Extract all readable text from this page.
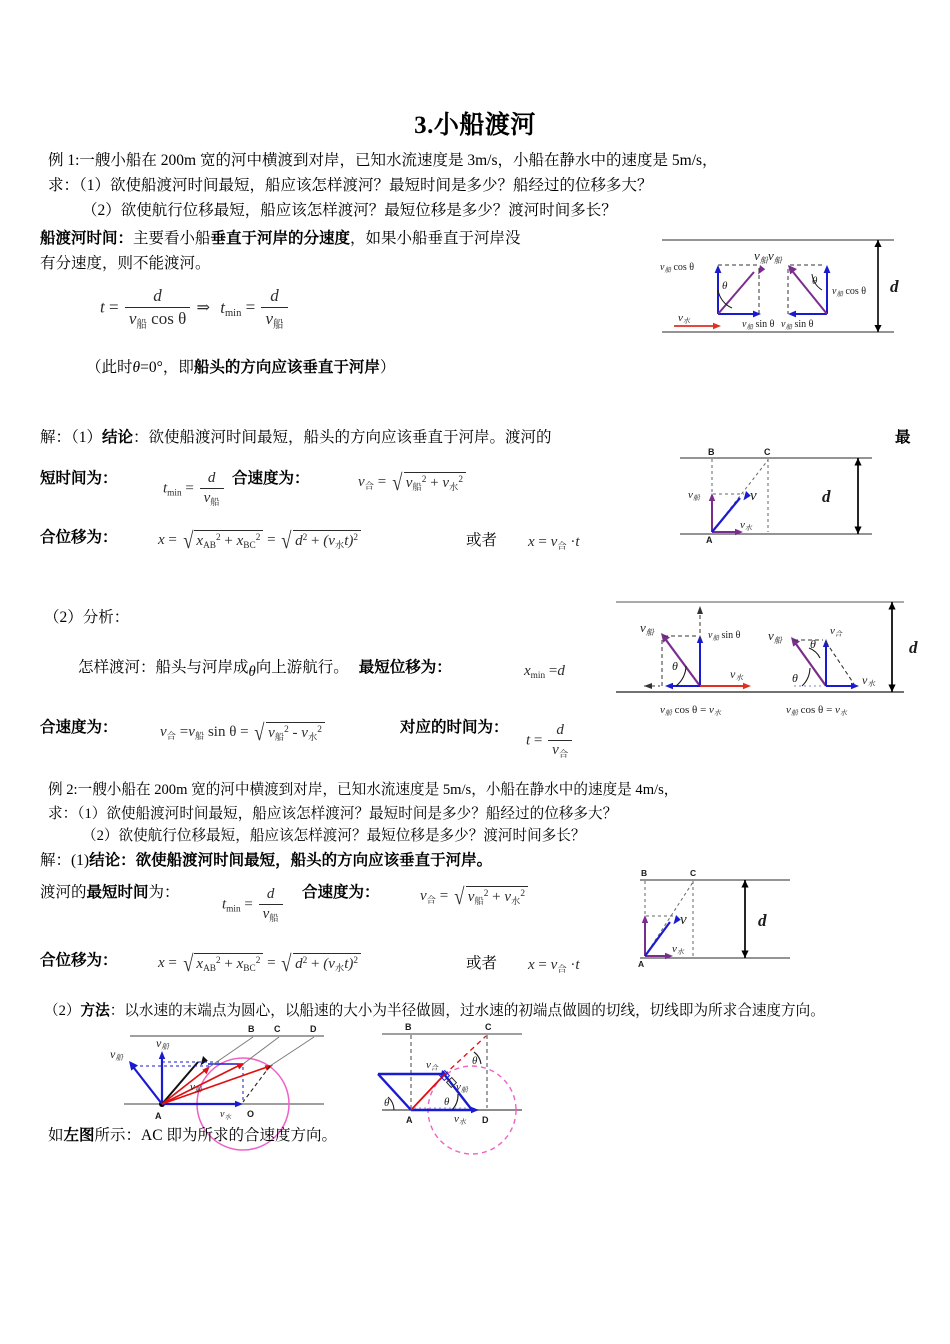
3.小船渡河
例 1:一艘小船在 200m 宽的河中横渡到对岸，已知水流速度是 3m/s，小船在静水中的速度是 5m/s，
求：（1）欲使船渡河时间最短，船应该怎样渡河？最短时间是多少？船经过的位移多大？
（2）欲使航行位移最短，船应该怎样渡河？最短位移是多少？渡河时间多长？
船渡河时间：主要看小船垂直于河岸的分速度，如果小船垂直于河岸没
有分速度，则不能渡河。
$t = \frac{d}{v_船 \cos \theta}$ ⇒ $t_{min} = \frac{d}{v_船}$
（此时θ=0°，即船头的方向应该垂直于河岸）
d
θ
$v_船$ cos θ
$v_船$
$v_船$ sin θ
v水
θ
$v_船$
$v_船$ cos θ
$v_船$ sin θ
解：（1）结论：欲使船渡河时间最短，船头的方向应该垂直于河岸。渡河的	最
短时间为：
$t_{min} = \frac{d}{v_船}$ 合速度为：	$v_合$ = √ $v_船^2 + v_水^2$
合位移为：	x = √ $x_{AB}^2 + x_{BC}^2$ = √ $d^2 + (v_水t)^2$	或者 $x = v_合 \cdot t$
d
B	C
A
v船	v
v水
（2）分析：
怎样渡河：船头与河岸成θ向上游航行。 最短位移为：	$x_{min} =d$
合速度为：	$v_合 =v_船$ sin θ = √ $v_船^2 - v_水^2$	对应的时间为：
$t = \frac{d}{v_合}$
d
θ
$v_船$	$v_船$ sin θ
v水
v船 cos θ = v水
θ
θ
$v_船$
v合
v水
v船 cos θ = v水
例 2:一艘小船在 200m 宽的河中横渡到对岸，已知水流速度是 5m/s，小船在静水中的速度是 4m/s，
求：（1）欲使船渡河时间最短，船应该怎样渡河？最短时间是多少？船经过的位移多大？
（2）欲使航行位移最短，船应该怎样渡河？最短位移是多少？渡河时间多长？
解：(1)结论：欲使船渡河时间最短，船头的方向应该垂直于河岸。
渡河的最短时间为：
$t_{min} = \frac{d}{v_船}$ 合速度为：	$v_合$ = √ $v_船^2 + v_水^2$
合位移为：	x = √ $x_{AB}^2 + x_{BC}^2$ = √ $d^2 + (v_水t)^2$	或者 $x = v_合 \cdot t$
d
B	C
A
v
v水
（2）方法：以水速的末端点为圆心，以船速的大小为半径做圆，过水速的初端点做圆的切线，切线即为所求合速度方向。
B C	D
A	O
$v_水$
v船
v船
v船
B	C
A	D
θ	θ
θ
v合
v船
v水
如左图所示：AC 即为所求的合速度方向。
